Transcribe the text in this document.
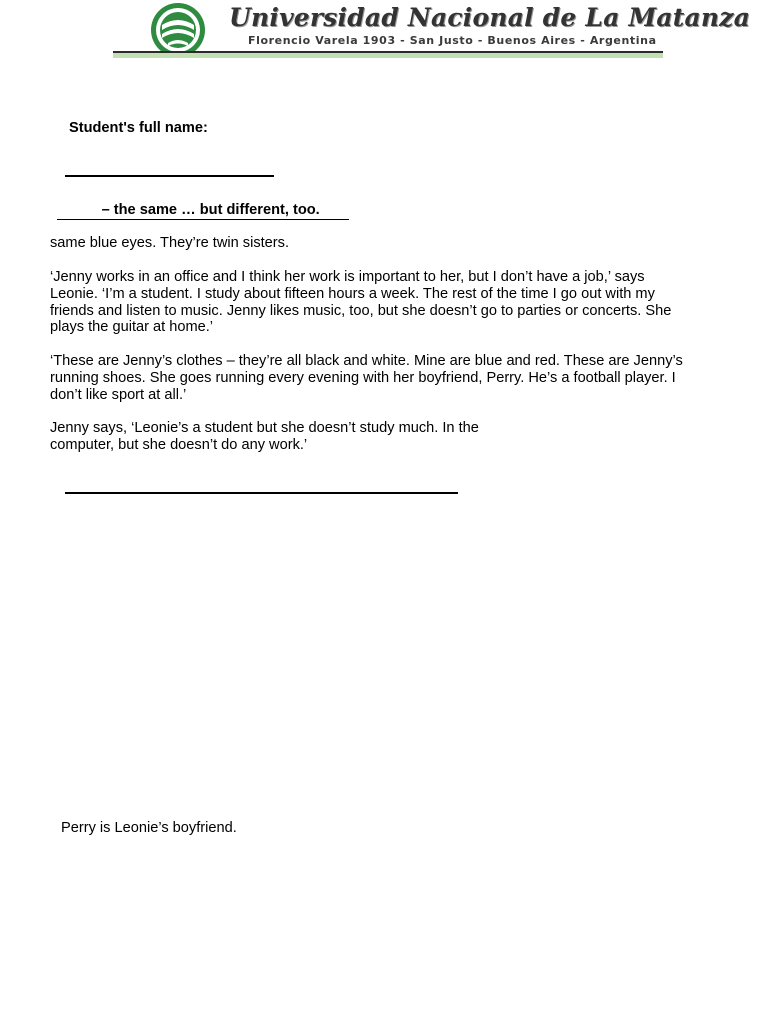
Universidad Nacional de La Matanza
Florencio Varela 1903 - San Justo - Buenos Aires - Argentina
Student's full name:
– the same … but different, too.
same blue eyes. They’re twin sisters.
‘Jenny works in an office and I think her work is important to her, but I don’t have a job,’ says
Leonie. ‘I’m a student. I study about fifteen hours a week. The rest of the time I go out with my
friends and listen to music. Jenny likes music, too, but she doesn’t go to parties or concerts. She
plays the guitar at home.’
‘These are Jenny’s clothes – they’re all black and white. Mine are blue and red. These are Jenny’s
running shoes. She goes running every evening with her boyfriend, Perry. He’s a football player. I
don’t like sport at all.’
Jenny says, ‘Leonie’s a student but she doesn’t study much. In the
computer, but she doesn’t do any work.’
Perry is Leonie’s boyfriend.
